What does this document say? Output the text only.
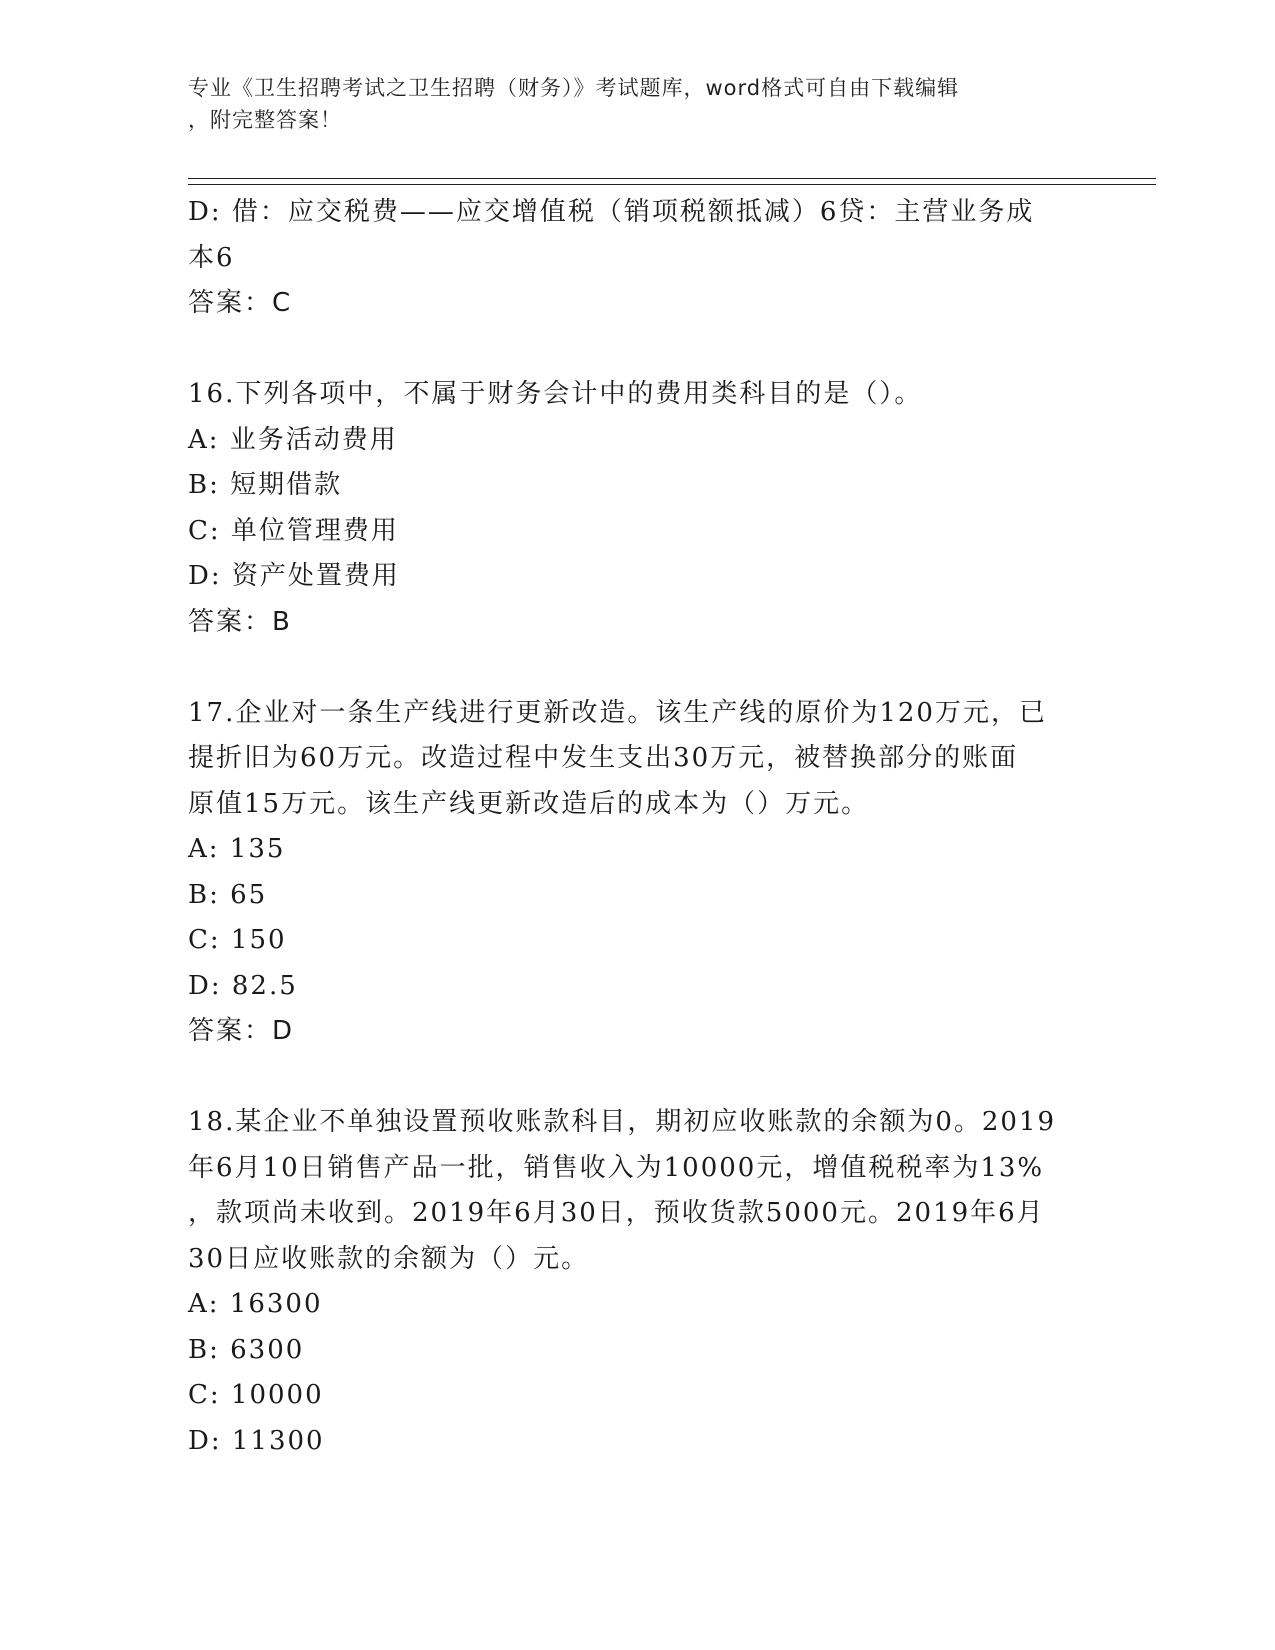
专业《卫生招聘考试之卫生招聘（财务）》考试题库，word格式可自由下载编辑
，附完整答案！
D: 借：应交税费——应交增值税（销项税额抵减）6贷：主营业务成
本6
答案：C
16.下列各项中，不属于财务会计中的费用类科目的是（）。
A: 业务活动费用
B: 短期借款
C: 单位管理费用
D: 资产处置费用
答案：B
17.企业对一条生产线进行更新改造。该生产线的原价为120万元，已
提折旧为60万元。改造过程中发生支出30万元，被替换部分的账面
原值15万元。该生产线更新改造后的成本为（）万元。
A: 135
B: 65
C: 150
D: 82.5
答案：D
18.某企业不单独设置预收账款科目，期初应收账款的余额为0。2019
年6月10日销售产品一批，销售收入为10000元，增值税税率为13%
，款项尚未收到。2019年6月30日，预收货款5000元。2019年6月
30日应收账款的余额为（）元。
A: 16300
B: 6300
C: 10000
D: 11300
